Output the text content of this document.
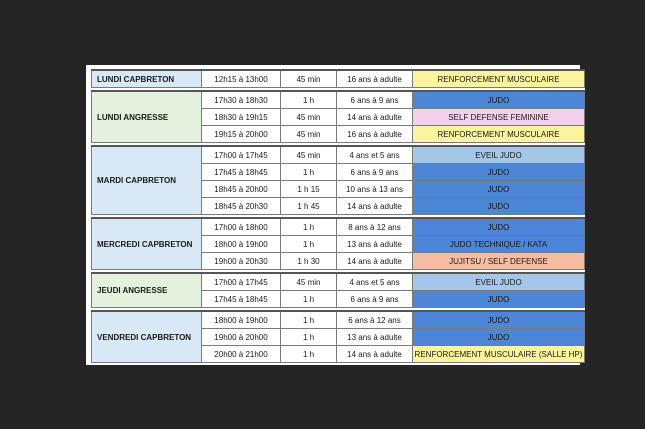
LUNDI CAPBRETON	12h15 à 13h00	45 min	16 ans à adulte	RENFORCEMENT MUSCULAIRE

LUNDI ANGRESSE	17h30 à 18h30	1 h	6 ans à 9 ans	JUDO
	18h30 à 19h15	45 min	14 ans à adulte	SELF DEFENSE FEMININE
	19h15 à 20h00	45 min	16 ans à adulte	RENFORCEMENT MUSCULAIRE

MARDI CAPBRETON	17h00 à 17h45	45 min	4 ans et 5 ans	EVEIL JUDO
	17h45 à 18h45	1 h	6 ans à 9 ans	JUDO
	18h45 à 20h00	1 h 15	10 ans à 13 ans	JUDO
	18h45 à 20h30	1 h 45	14 ans à adulte	JUDO

MERCREDI CAPBRETON	17h00 à 18h00	1 h	8 ans à 12 ans	JUDO
	18h00 à 19h00	1 h	13 ans à adulte	JUDO TECHNIQUE / KATA
	19h00 à 20h30	1 h 30	14 ans à adulte	JUJITSU / SELF DEFENSE

JEUDI ANGRESSE	17h00 à 17h45	45 min	4 ans et 5 ans	EVEIL JUDO
	17h45 à 18h45	1 h	6 ans à 9 ans	JUDO

VENDREDI CAPBRETON	18h00 à 19h00	1 h	6 ans à 12 ans	JUDO
	19h00 à 20h00	1 h	13 ans à adulte	JUDO
	20h00 à 21h00	1 h	14 ans à adulte	RENFORCEMENT MUSCULAIRE (SALLE HP)
